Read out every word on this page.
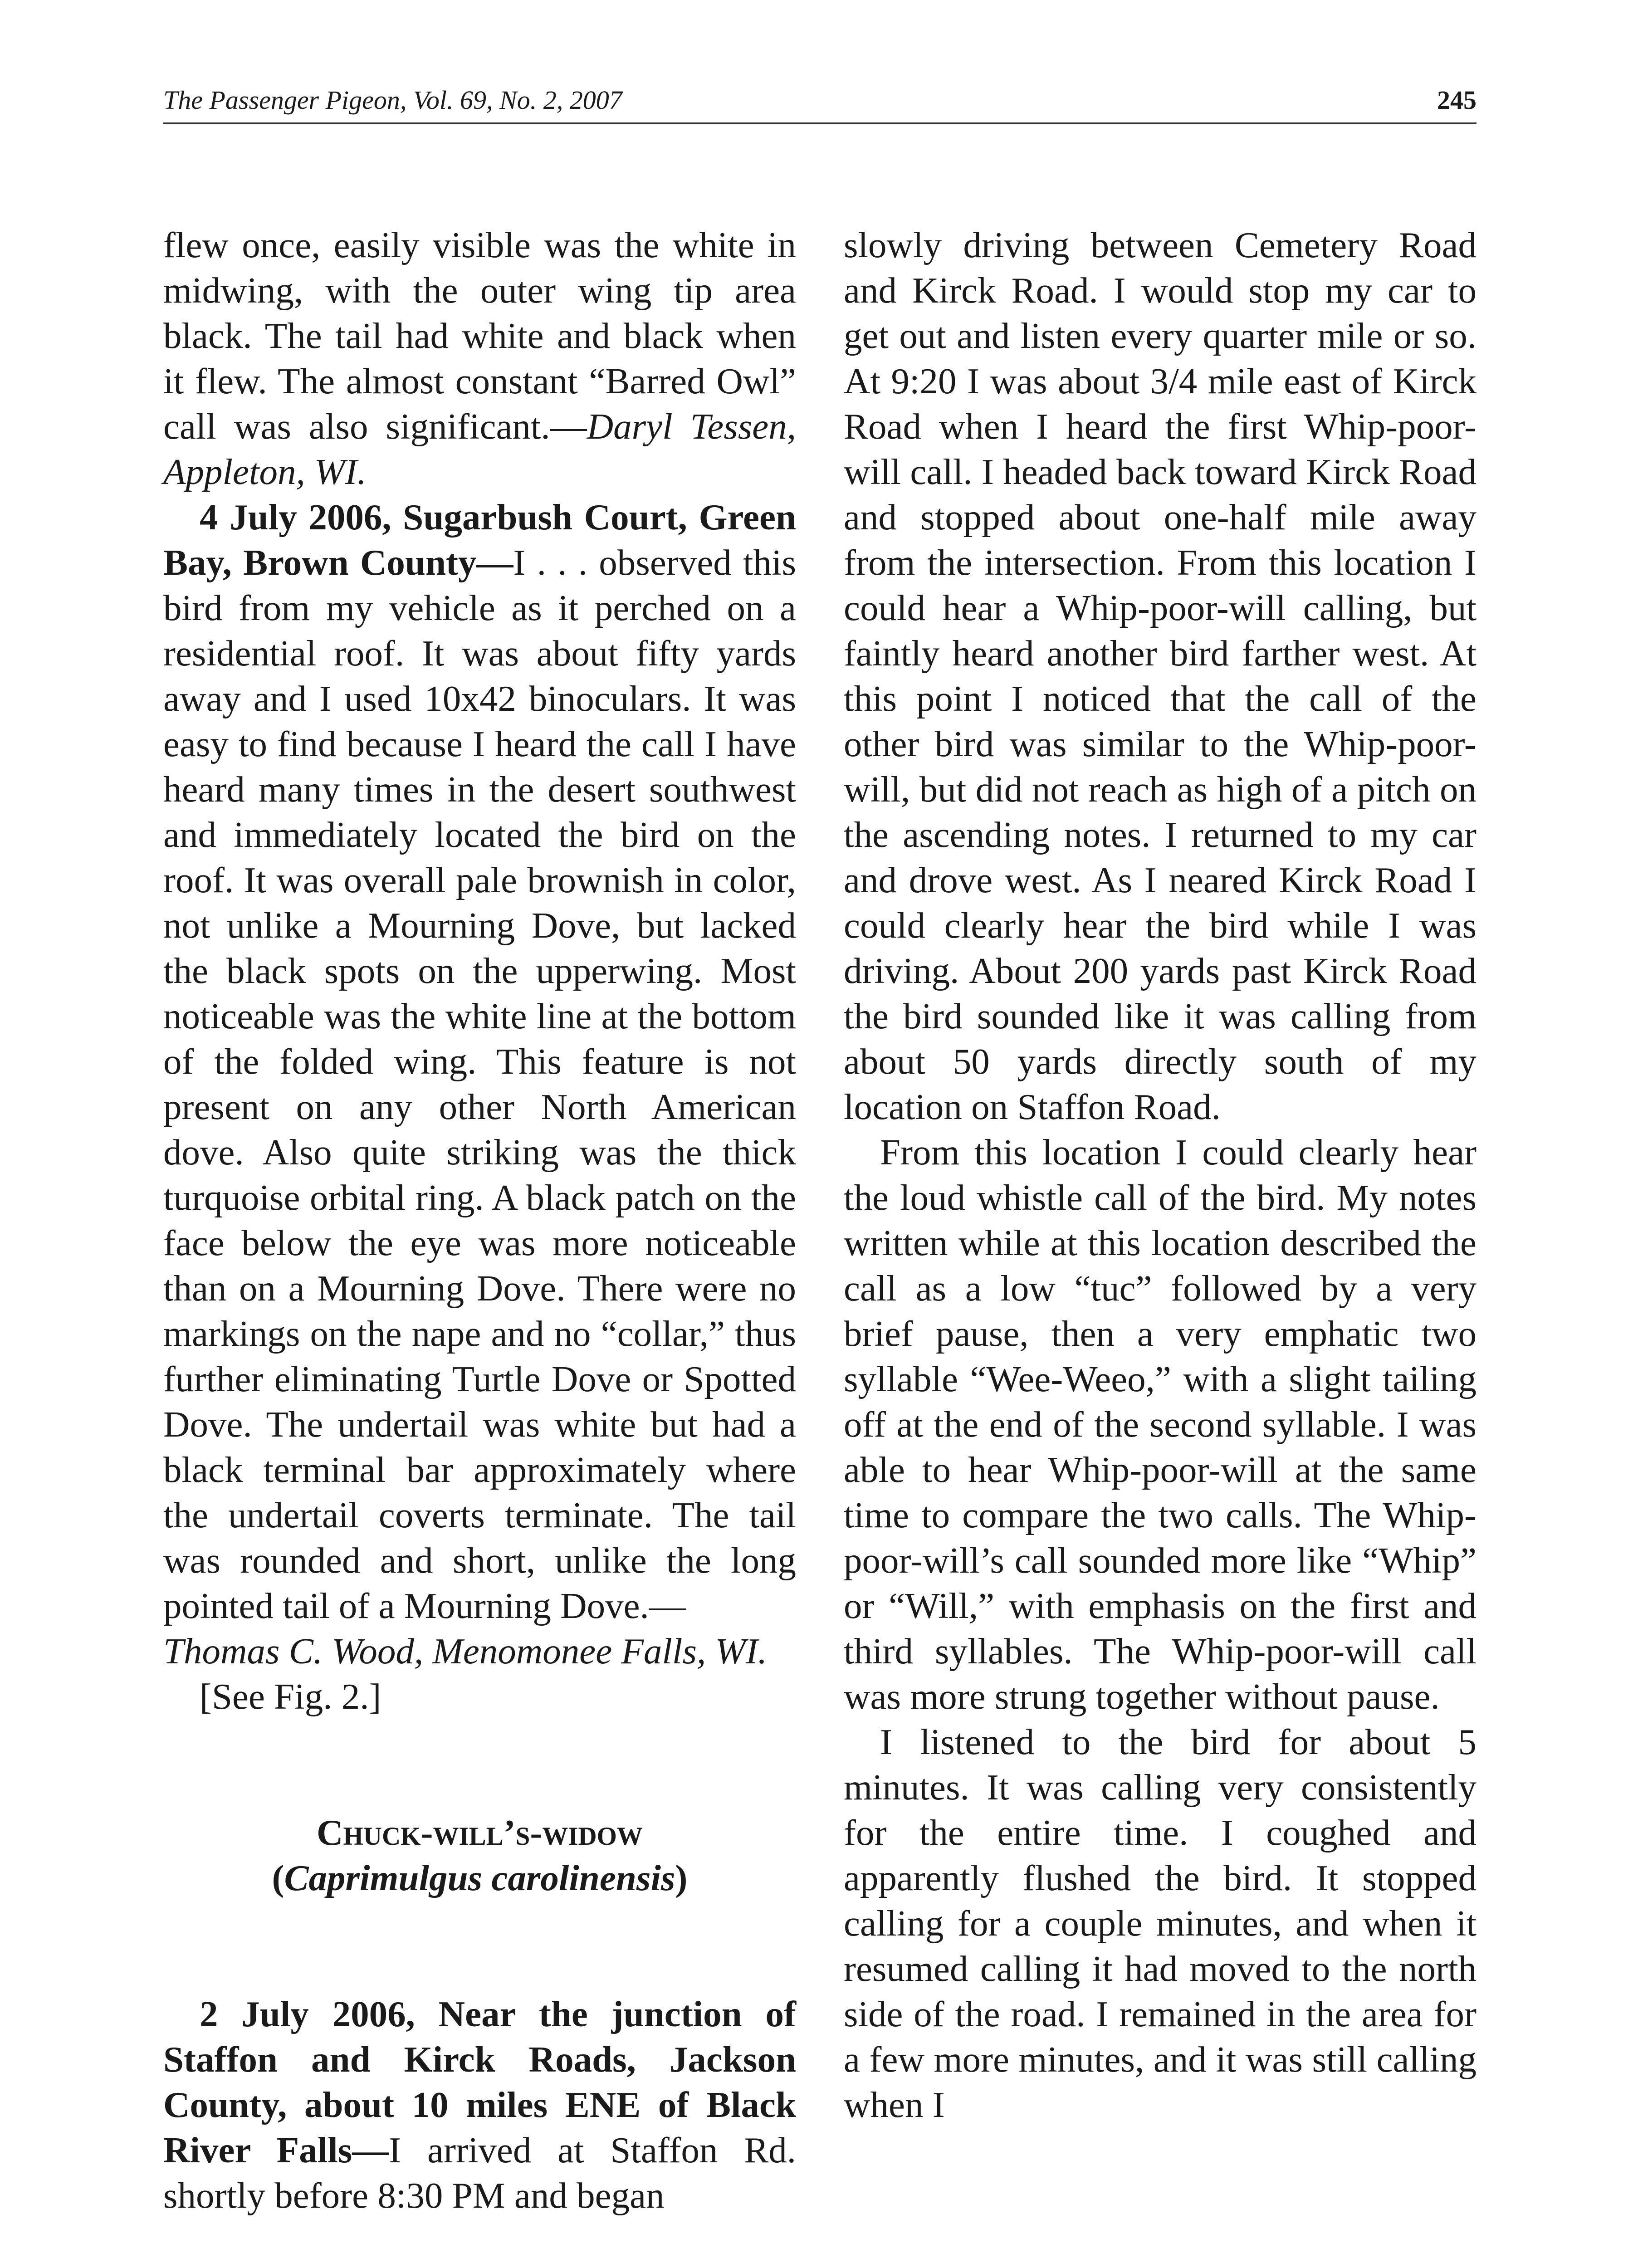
The Passenger Pigeon, Vol. 69, No. 2, 2007	245

flew once, easily visible was the white in midwing, with the outer wing tip area black. The tail had white and black when it flew. The almost constant “Barred Owl” call was also significant.—Daryl Tessen, Appleton, WI.

4 July 2006, Sugarbush Court, Green Bay, Brown County—I . . . observed this bird from my vehicle as it perched on a residential roof. It was about fifty yards away and I used 10x42 binoculars. It was easy to find because I heard the call I have heard many times in the desert southwest and immediately located the bird on the roof. It was overall pale brownish in color, not unlike a Mourning Dove, but lacked the black spots on the upperwing. Most noticeable was the white line at the bottom of the folded wing. This feature is not present on any other North American dove. Also quite striking was the thick turquoise orbital ring. A black patch on the face below the eye was more noticeable than on a Mourning Dove. There were no markings on the nape and no “collar,” thus further eliminating Turtle Dove or Spotted Dove. The undertail was white but had a black terminal bar approximately where the undertail coverts terminate. The tail was rounded and short, unlike the long pointed tail of a Mourning Dove.—
Thomas C. Wood, Menomonee Falls, WI.

[See Fig. 2.]

Chuck-will’s-widow
(Caprimulgus carolinensis)

2 July 2006, Near the junction of Staffon and Kirck Roads, Jackson County, about 10 miles ENE of Black River Falls—I arrived at Staffon Rd. shortly before 8:30 PM and began

slowly driving between Cemetery Road and Kirck Road. I would stop my car to get out and listen every quarter mile or so. At 9:20 I was about 3/4 mile east of Kirck Road when I heard the first Whip-poor-will call. I headed back toward Kirck Road and stopped about one-half mile away from the intersection. From this location I could hear a Whip-poor-will calling, but faintly heard another bird farther west. At this point I noticed that the call of the other bird was similar to the Whip-poor-will, but did not reach as high of a pitch on the ascending notes. I returned to my car and drove west. As I neared Kirck Road I could clearly hear the bird while I was driving. About 200 yards past Kirck Road the bird sounded like it was calling from about 50 yards directly south of my location on Staffon Road.

From this location I could clearly hear the loud whistle call of the bird. My notes written while at this location described the call as a low “tuc” followed by a very brief pause, then a very emphatic two syllable “Wee-Weeo,” with a slight tailing off at the end of the second syllable. I was able to hear Whip-poor-will at the same time to compare the two calls. The Whip-poor-will’s call sounded more like “Whip” or “Will,” with emphasis on the first and third syllables. The Whip-poor-will call was more strung together without pause.

I listened to the bird for about 5 minutes. It was calling very consistently for the entire time. I coughed and apparently flushed the bird. It stopped calling for a couple minutes, and when it resumed calling it had moved to the north side of the road. I remained in the area for a few more minutes, and it was still calling when I
